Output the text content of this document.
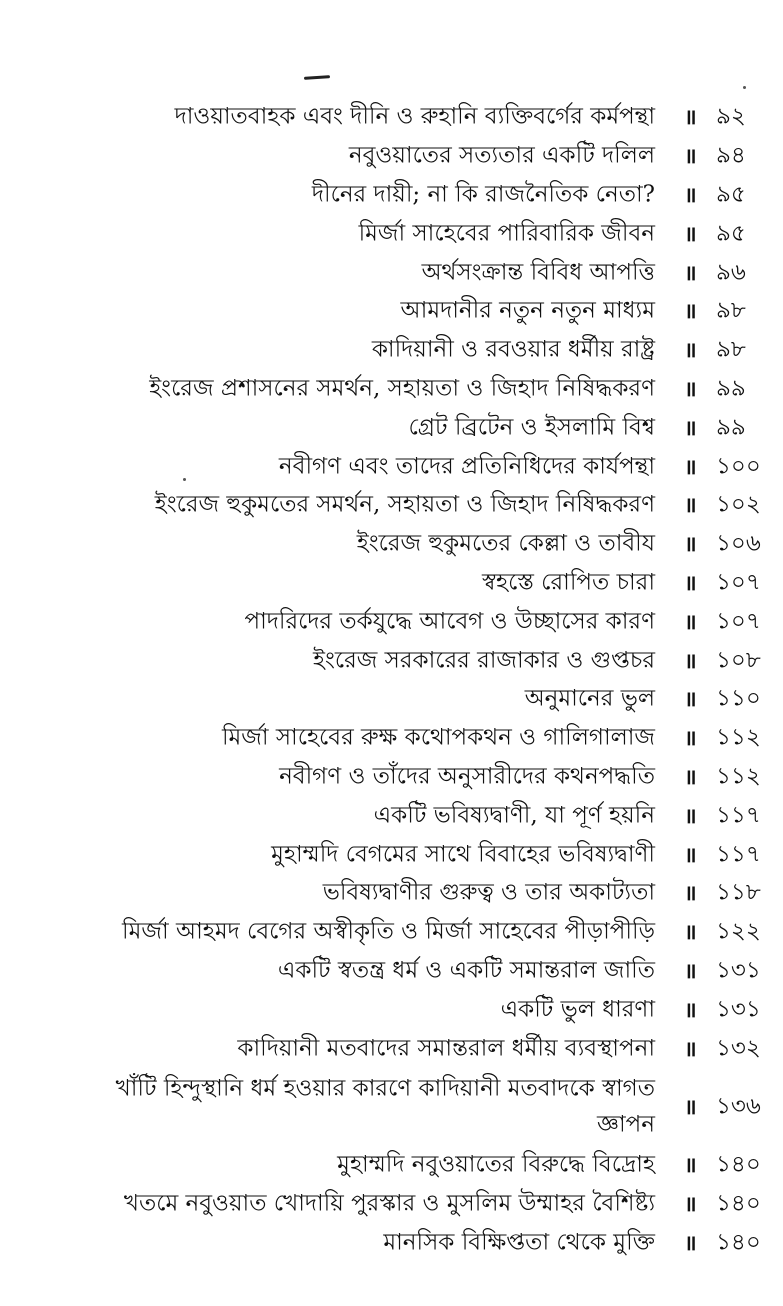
দাওয়াতবাহক এবং দীনি ও রুহানি ব্যক্তিবর্গের কর্মপন্থা ॥ ৯২
নবুওয়াতের সত্যতার একটি দলিল ॥ ৯৪
দীনের দায়ী; না কি রাজনৈতিক নেতা? ॥ ৯৫
মির্জা সাহেবের পারিবারিক জীবন ॥ ৯৫
অর্থসংক্রান্ত বিবিধ আপত্তি ॥ ৯৬
আমদানীর নতুন নতুন মাধ্যম ॥ ৯৮
কাদিয়ানী ও রবওয়ার ধর্মীয় রাষ্ট্র ॥ ৯৮
ইংরেজ প্রশাসনের সমর্থন, সহায়তা ও জিহাদ নিষিদ্ধকরণ ॥ ৯৯
গ্রেট ব্রিটেন ও ইসলামি বিশ্ব ॥ ৯৯
নবীগণ এবং তাদের প্রতিনিধিদের কার্যপন্থা ॥ ১০০
ইংরেজ হুকুমতের সমর্থন, সহায়তা ও জিহাদ নিষিদ্ধকরণ ॥ ১০২
ইংরেজ হুকুমতের কেল্লা ও তাবীয ॥ ১০৬
স্বহস্তে রোপিত চারা ॥ ১০৭
পাদরিদের তর্কযুদ্ধে আবেগ ও উচ্ছাসের কারণ ॥ ১০৭
ইংরেজ সরকারের রাজাকার ও গুপ্তচর ॥ ১০৮
অনুমানের ভুল ॥ ১১০
মির্জা সাহেবের রুক্ষ কথোপকথন ও গালিগালাজ ॥ ১১২
নবীগণ ও তাঁদের অনুসারীদের কথনপদ্ধতি ॥ ১১২
একটি ভবিষ্যদ্বাণী, যা পূর্ণ হয়নি ॥ ১১৭
মুহাম্মদি বেগমের সাথে বিবাহের ভবিষ্যদ্বাণী ॥ ১১৭
ভবিষ্যদ্বাণীর গুরুত্ব ও তার অকাট্যতা ॥ ১১৮
মির্জা আহমদ বেগের অস্বীকৃতি ও মির্জা সাহেবের পীড়াপীড়ি ॥ ১২২
একটি স্বতন্ত্র ধর্ম ও একটি সমান্তরাল জাতি ॥ ১৩১
একটি ভুল ধারণা ॥ ১৩১
কাদিয়ানী মতবাদের সমান্তরাল ধর্মীয় ব্যবস্থাপনা ॥ ১৩২
খাঁটি হিন্দুস্থানি ধর্ম হওয়ার কারণে কাদিয়ানী মতবাদকে স্বাগত জ্ঞাপন
॥ ১৩৬
মুহাম্মদি নবুওয়াতের বিরুদ্ধে বিদ্রোহ ॥ ১৪০
খতমে নবুওয়াত খোদায়ি পুরস্কার ও মুসলিম উম্মাহর বৈশিষ্ট্য ॥ ১৪০
মানসিক বিক্ষিপ্ততা থেকে মুক্তি ॥ ১৪০
